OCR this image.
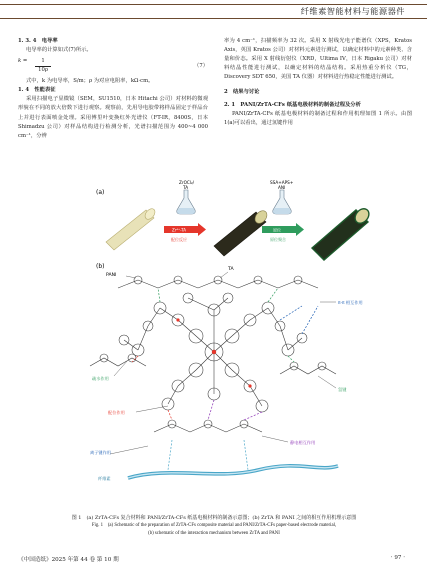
纤维素智能材料与能源器件
1. 3. 4　电导率
电导率的计算如式(7)所示。
$k = \frac{1}{10\rho}$	（7）
式中，k 为电导率，S/m；ρ 为对应电阻率，kΩ·cm。
1. 4　性能表征

采用扫描电子显微镜（SEM，SU1510，日本 Hitachi 公司）对材料的微观形貌在不同的放大倍数下进行观察。观察前，先用导电胶带将样品固定于样品台上并进行表面喷金处理。采用傅里叶变换红外光谱仪（FT-IR，8400S，日本 Shimadzu 公司）对样品结构进行检测分析，光谱扫描范围为 400~4 000 cm⁻¹，分辨

率为 4 cm⁻¹，扫描频率为 32 次。采用 X 射线光电子能谱仪（XPS，Kratos Axis，英国 Kratos 公司）对材料元素进行测试，以确定材料中的元素种类、含量和价态。采用 X 射线衍射仪（XRD，Ultima IV，日本 Rigaku 公司）对材料结晶性能进行测试，以确定材料的结晶结构。采用热重分析仪（TG，Discovery SDT 650，美国 TA 仪器）对材料进行热稳定性能进行测试。

2　结果与讨论
2. 1　PANI/ZrTA-CFs 纸基电极材料的制备过程及分析

PANI/ZrTA-CFs 纸基电极材料的制备过程和作用机理如图 1 所示。由图 1(a)可以看出，通过氢键作用

(a)
ZrOCl₂/
TA
Zr⁴⁺-TA
配位反应
SSA+APS+
ANI
原位
原位聚合
(b)
PANI
TA
π-π 相互作用
氢键
疏水作用
配位作用
静电相互作用
离子键作用
纤维素
图 1　(a) ZrTA-CFs 复合材料和 PANI/ZrTA-CFs 纸基电极材料的制备示意图；(b) ZrTA 和 PANI 之间的相互作用机理示意图
Fig. 1　(a) Schematic of the preparation of ZrTA-CFs composite material and PANI/ZrTA-CFs paper-based electrode material,
(b) schematic of the interaction mechanism between ZrTA and PANI
《中国造纸》2025 年第 44 卷 第 10 期	· 97 ·
